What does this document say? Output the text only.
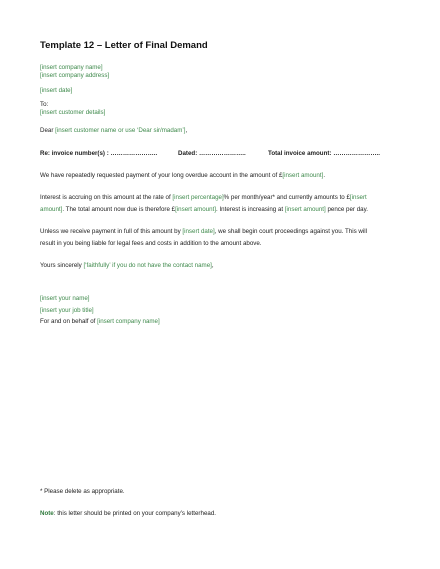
Template 12 – Letter of Final Demand
[insert company name]
[insert company address]
[insert date]
To:
[insert customer details]
Dear [insert customer name or use ‘Dear sir/madam’],
Re: invoice number(s) : …………………..	Dated: …………………..	Total invoice amount: …………………..
We have repeatedly requested payment of your long overdue account in the amount of £[insert amount].
Interest is accruing on this amount at the rate of [insert percentage]% per month/year* and currently amounts to £[insert
amount]. The total amount now due is therefore £[insert amount]. Interest is increasing at [insert amount] pence per day.
Unless we receive payment in full of this amount by [insert date], we shall begin court proceedings against you. This will
result in you being liable for legal fees and costs in addition to the amount above.
Yours sincerely [‘faithfully’ if you do not have the contact name],
[insert your name]
[insert your job title]
For and on behalf of [insert company name]
* Please delete as appropriate.
Note: this letter should be printed on your company’s letterhead.
